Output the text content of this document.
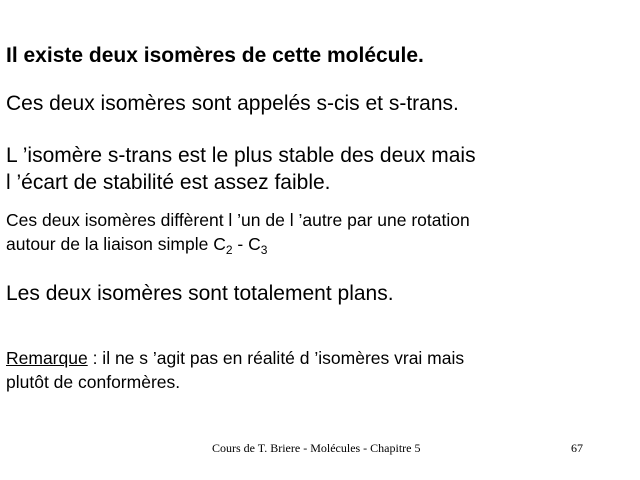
Il existe deux isomères de cette molécule.
Ces deux isomères sont appelés s-cis et s-trans.
L ’isomère s-trans est le plus stable des deux mais
l ’écart de stabilité est assez faible.
Ces deux isomères diffèrent l ’un de l ’autre par une rotation
autour de la liaison simple $C_2 - C_3$
Les deux isomères sont totalement plans.
Remarque : il ne s ’agit pas en réalité d ’isomères vrai mais
plutôt de conformères.
Cours de T. Briere - Molécules - Chapitre 5	67
